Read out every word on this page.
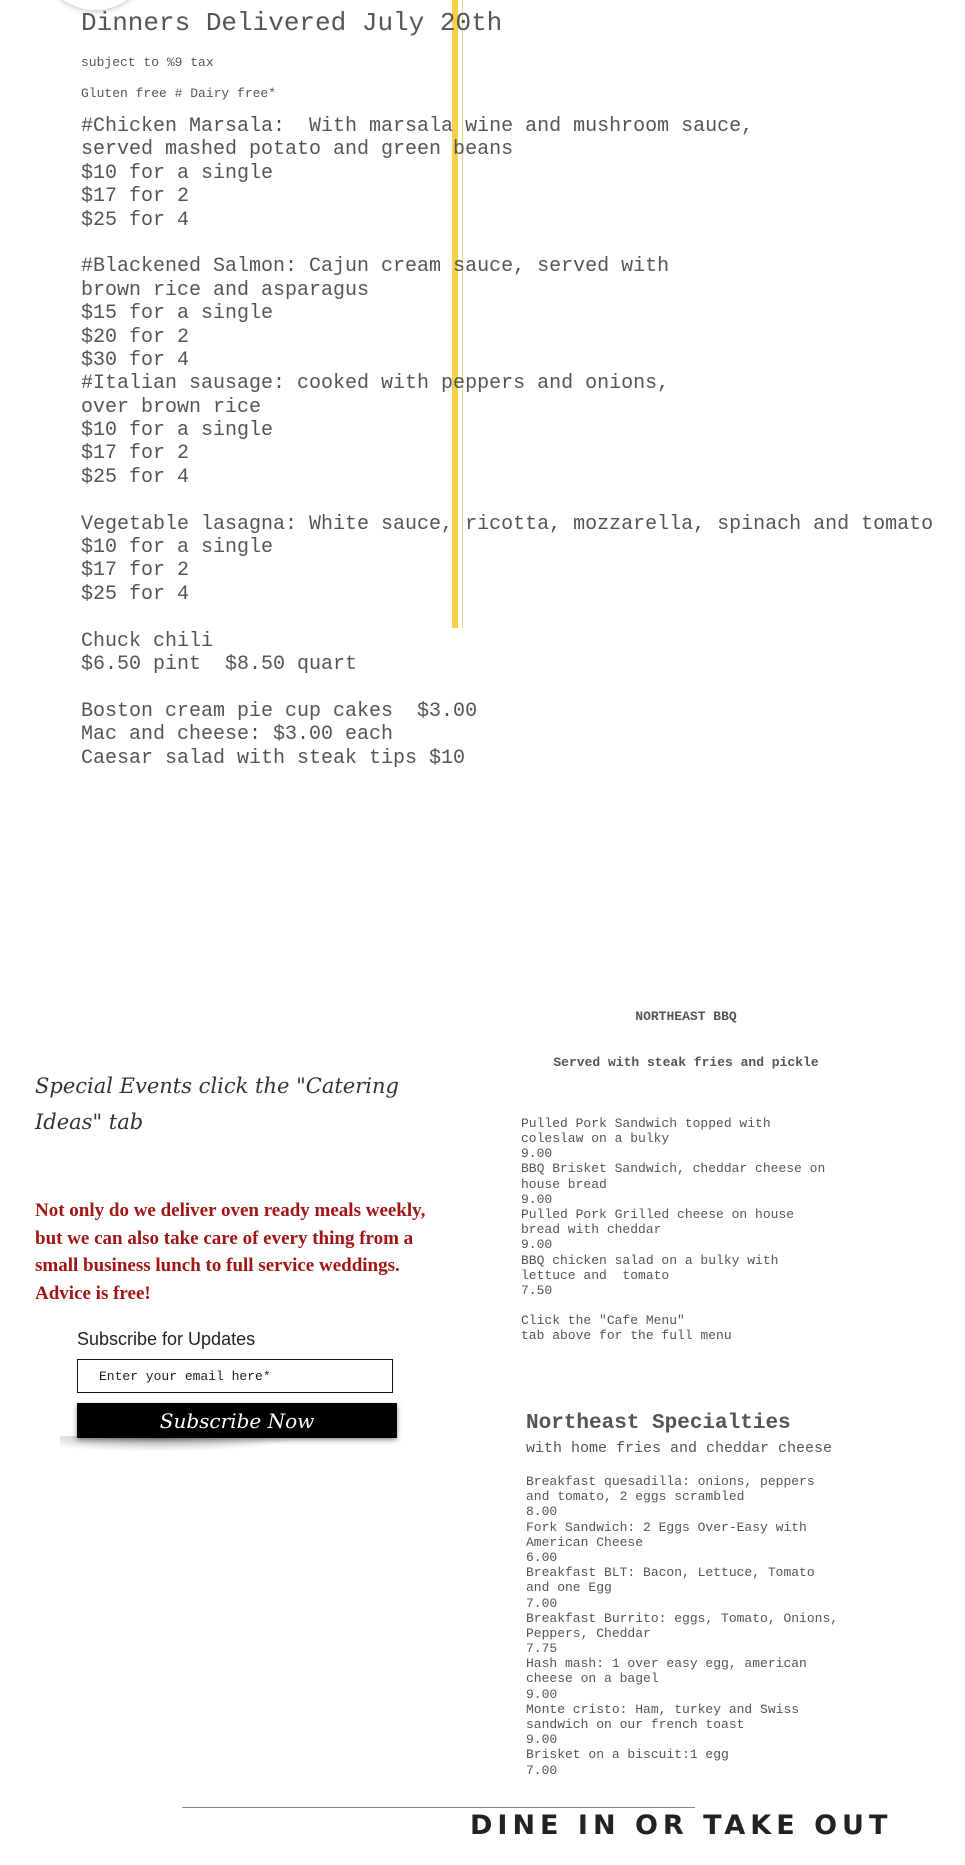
Dinners Delivered July 20th
subject to %9 tax
Gluten free # Dairy free*
#Chicken Marsala:  With marsala wine and mushroom sauce,
served mashed potato and green beans
$10 for a single
$17 for 2
$25 for 4
#Blackened Salmon: Cajun cream sauce, served with
brown rice and asparagus
$15 for a single
$20 for 2
$30 for 4
#Italian sausage: cooked with peppers and onions,
over brown rice
$10 for a single
$17 for 2
$25 for 4
Vegetable lasagna: White sauce, ricotta, mozzarella, spinach and tomato
$10 for a single
$17 for 2
$25 for 4
Chuck chili
$6.50 pint  $8.50 quart
Boston cream pie cup cakes  $3.00
Mac and cheese: $3.00 each
Caesar salad with steak tips $10
Special Events click the "Catering Ideas" tab
Not only do we deliver oven ready meals weekly, but we can also take care of every thing from a small business lunch to full service weddings. Advice is free!
Subscribe for Updates
Enter your email here*
Subscribe Now

NORTHEAST BBQ

Served with steak fries and pickle

Pulled Pork Sandwich topped with
coleslaw on a bulky
9.00
BBQ Brisket Sandwich, cheddar cheese on
house bread
9.00
Pulled Pork Grilled cheese on house
bread with cheddar
9.00
BBQ chicken salad on a bulky with
lettuce and  tomato
7.50
Click the "Cafe Menu"
tab above for the full menu

Northeast Specialties
with home fries and cheddar cheese
Breakfast quesadilla: onions, peppers
and tomato, 2 eggs scrambled
8.00
Fork Sandwich: 2 Eggs Over-Easy with
American Cheese
6.00
Breakfast BLT: Bacon, Lettuce, Tomato
and one Egg
7.00
Breakfast Burrito: eggs, Tomato, Onions,
Peppers, Cheddar
7.75
Hash mash: 1 over easy egg, american
cheese on a bagel
9.00
Monte cristo: Ham, turkey and Swiss
sandwich on our french toast
9.00
Brisket on a biscuit:1 egg
7.00
DINE IN OR TAKE OUT
